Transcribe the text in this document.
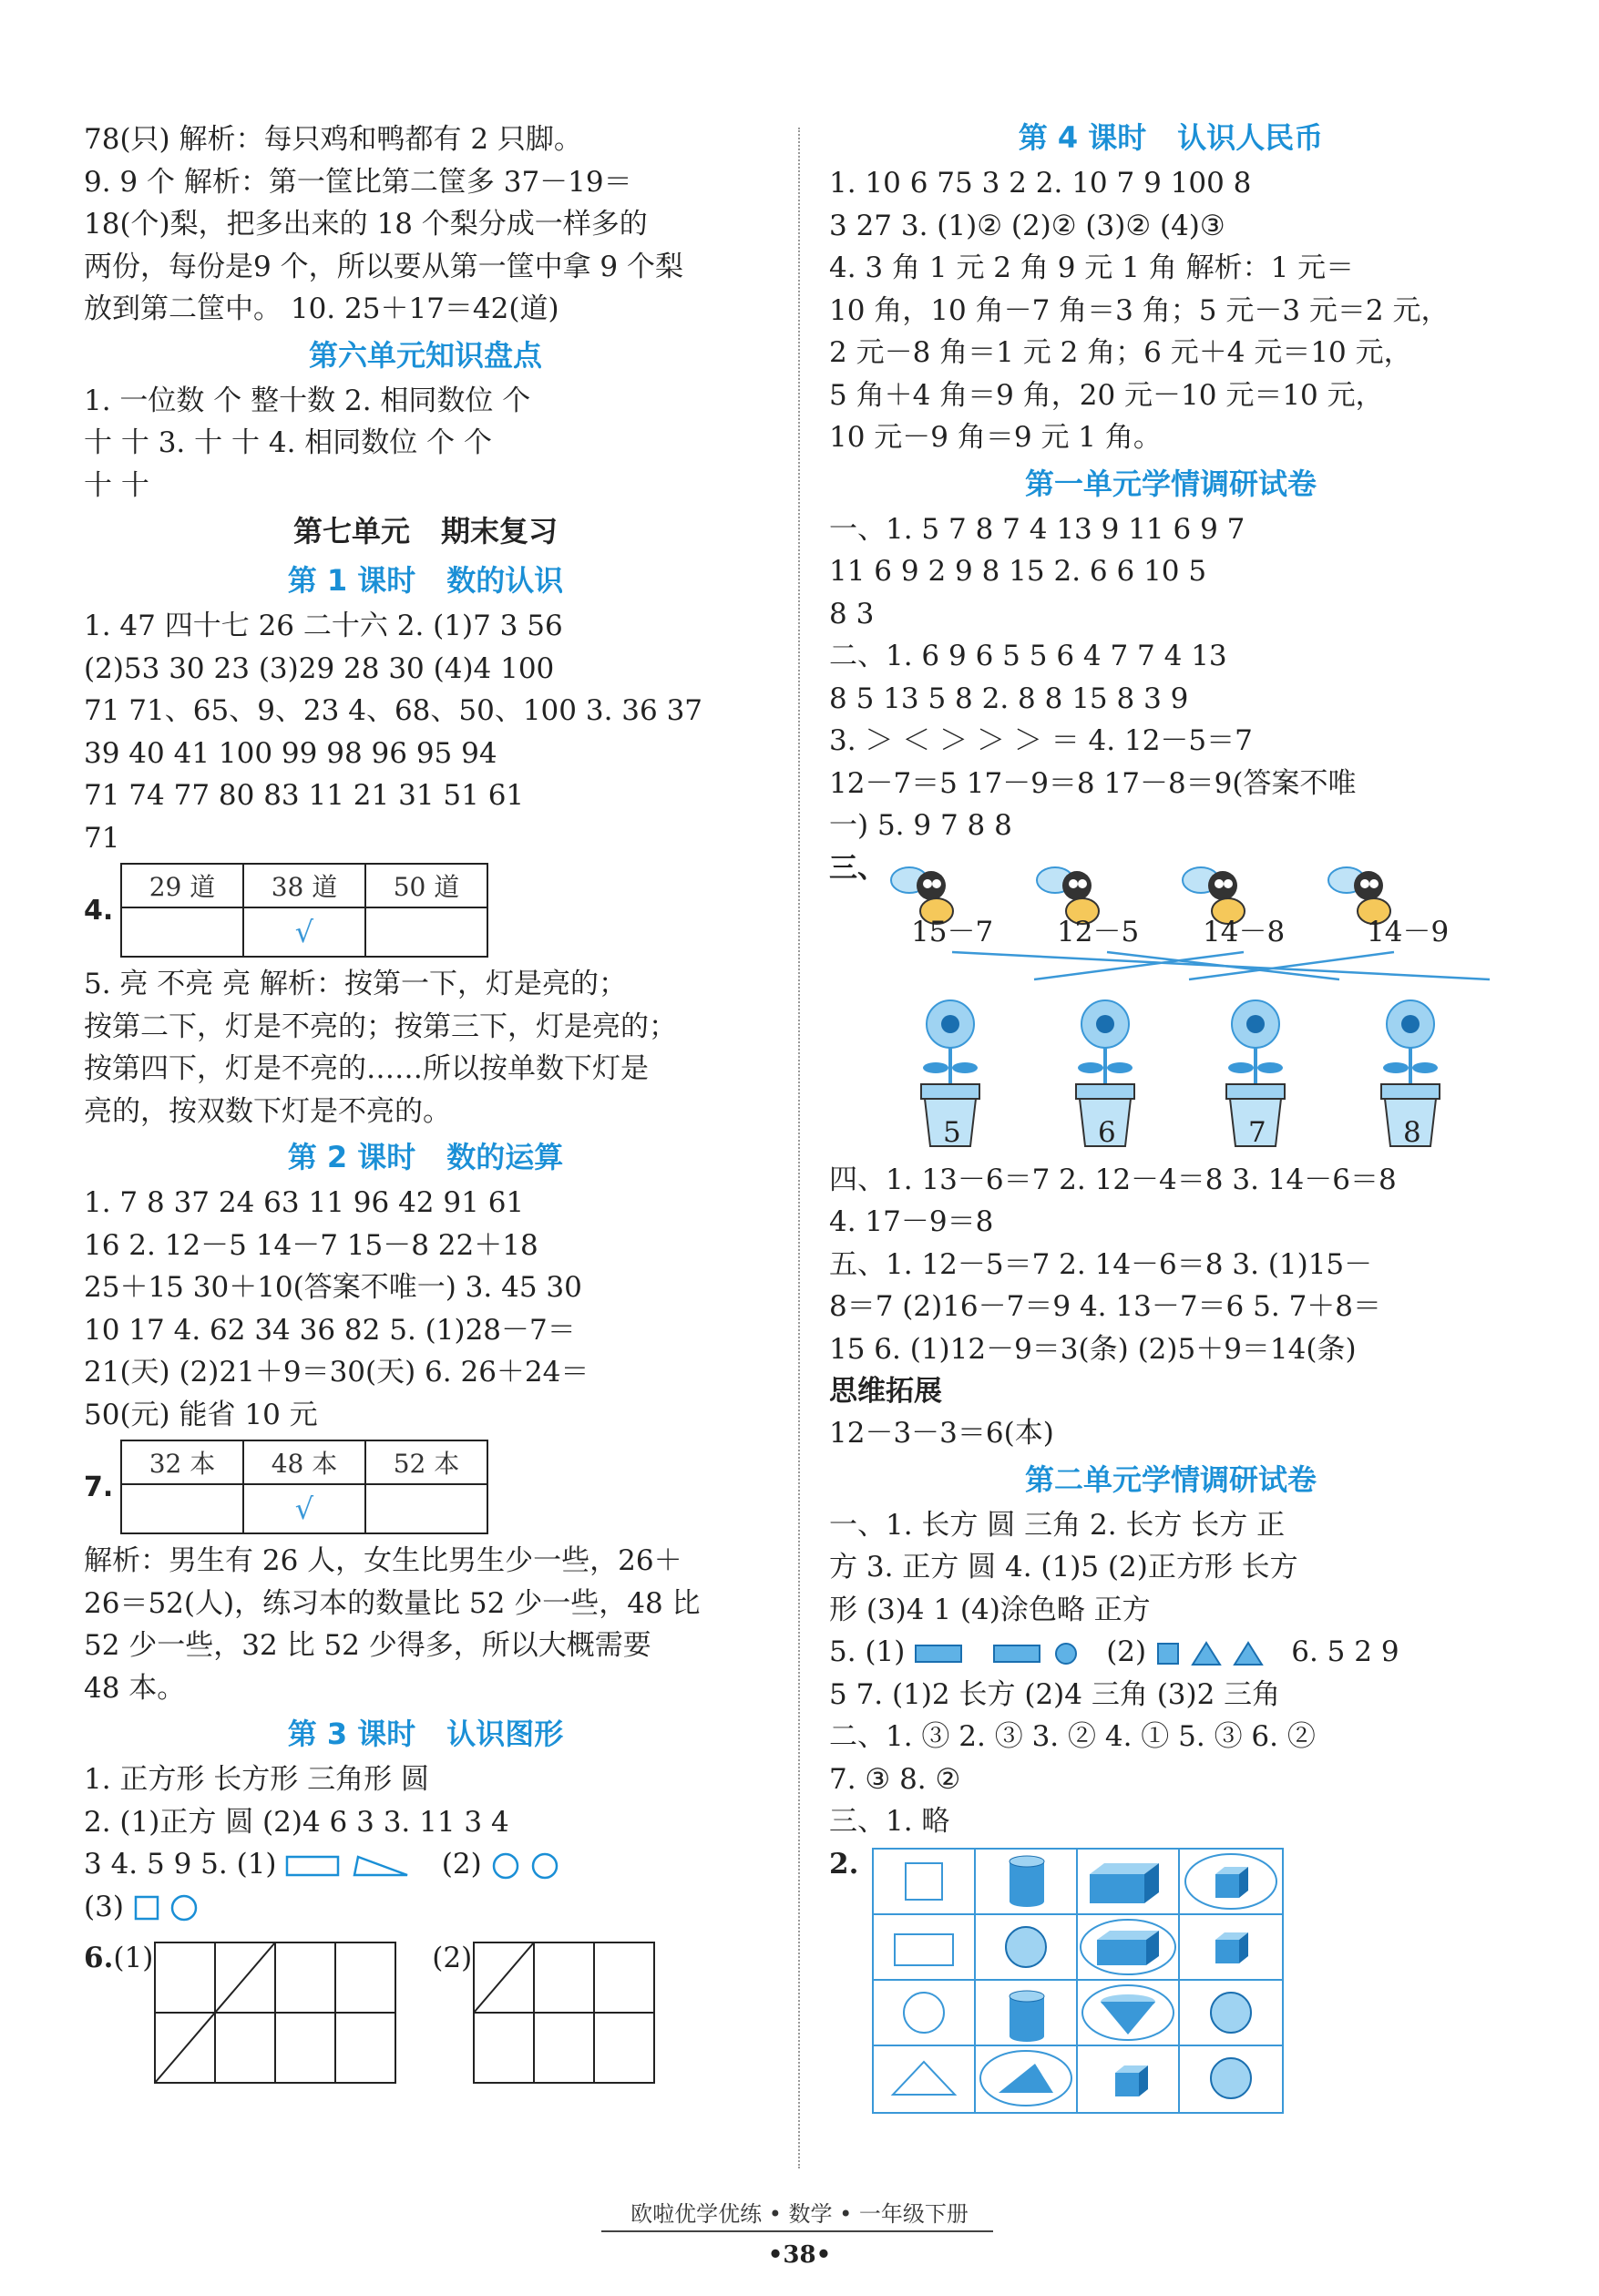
78(只) 解析：每只鸡和鸭都有 2 只脚。
9. 9 个 解析：第一筐比第二筐多 37－19＝
18(个)梨，把多出来的 18 个梨分成一样多的
两份，每份是9 个，所以要从第一筐中拿 9 个梨
放到第二筐中。 10. 25＋17＝42(道)
第六单元知识盘点
1. 一位数 个 整十数 2. 相同数位 个
十 十 3. 十 十 4. 相同数位 个 个
十 十
第七单元 期末复习
第 1 课时 数的认识
1. 47 四十七 26 二十六 2. (1)7 3 56
(2)53 30 23 (3)29 28 30 (4)4 100
71 71、65、9、23 4、68、50、100 3. 36 37
39 40 41 100 99 98 96 95 94
71 74 77 80 83 11 21 31 51 61
71
4.
29 道	38 道	50 道
	√	
5. 亮 不亮 亮 解析：按第一下，灯是亮的；
按第二下，灯是不亮的；按第三下，灯是亮的；
按第四下，灯是不亮的……所以按单数下灯是
亮的，按双数下灯是不亮的。
第 2 课时 数的运算
1. 7 8 37 24 63 11 96 42 91 61
16 2. 12－5 14－7 15－8 22＋18
25＋15 30＋10(答案不唯一) 3. 45 30
10 17 4. 62 34 36 82 5. (1)28－7＝
21(天) (2)21＋9＝30(天) 6. 26＋24＝
50(元) 能省 10 元
7.
32 本	48 本	52 本
	√	
解析：男生有 26 人，女生比男生少一些，26＋
26＝52(人)，练习本的数量比 52 少一些，48 比
52 少一些，32 比 52 少得多，所以大概需要
48 本。
第 3 课时 认识图形
1. 正方形 长方形 三角形 圆
2. (1)正方 圆 (2)4 6 3 3. 11 3 4
3 4. 5 9 5. (1)	(2)
(3)
6. (1)	(2)
第 4 课时 认识人民币
1. 10 6 75 3 2 2. 10 7 9 100 8
3 27 3. (1)② (2)② (3)② (4)③
4. 3 角 1 元 2 角 9 元 1 角 解析：1 元＝
10 角，10 角－7 角＝3 角；5 元－3 元＝2 元，
2 元－8 角＝1 元 2 角；6 元＋4 元＝10 元，
5 角＋4 角＝9 角，20 元－10 元＝10 元，
10 元－9 角＝9 元 1 角。
第一单元学情调研试卷
一、1. 5 7 8 7 4 13 9 11 6 9 7
11 6 9 2 9 8 15 2. 6 6 10 5
8 3
二、1. 6 9 6 5 5 6 4 7 7 4 13
8 5 13 5 8 2. 8 8 15 8 3 9
3. ＞ ＜ ＞ ＞ ＞ ＝ 4. 12－5＝7
12－7＝5 17－9＝8 17－8＝9(答案不唯
一) 5. 9 7 8 8
三、
15－7 12－5 14－8	14－9
5	6	7	8
四、1. 13－6＝7 2. 12－4＝8 3. 14－6＝8
4. 17－9＝8
五、1. 12－5＝7 2. 14－6＝8 3. (1)15－
8＝7 (2)16－7＝9 4. 13－7＝6 5. 7＋8＝
15 6. (1)12－9＝3(条) (2)5＋9＝14(条)
思维拓展
12－3－3＝6(本)
第二单元学情调研试卷
一、1. 长方 圆 三角 2. 长方 长方 正
方 3. 正方 圆 4. (1)5 (2)正方形 长方
形 (3)4 1 (4)涂色略 正方
5. (1)	(2)	6. 5 2 9
5 7. (1)2 长方 (2)4 三角 (3)2 三角
二、1. ③ 2. ③ 3. ② 4. ① 5. ③ 6. ②
7. ③ 8. ②
三、1. 略
2.
欧啦优学优练 • 数学 • 一年级下册
•38•
